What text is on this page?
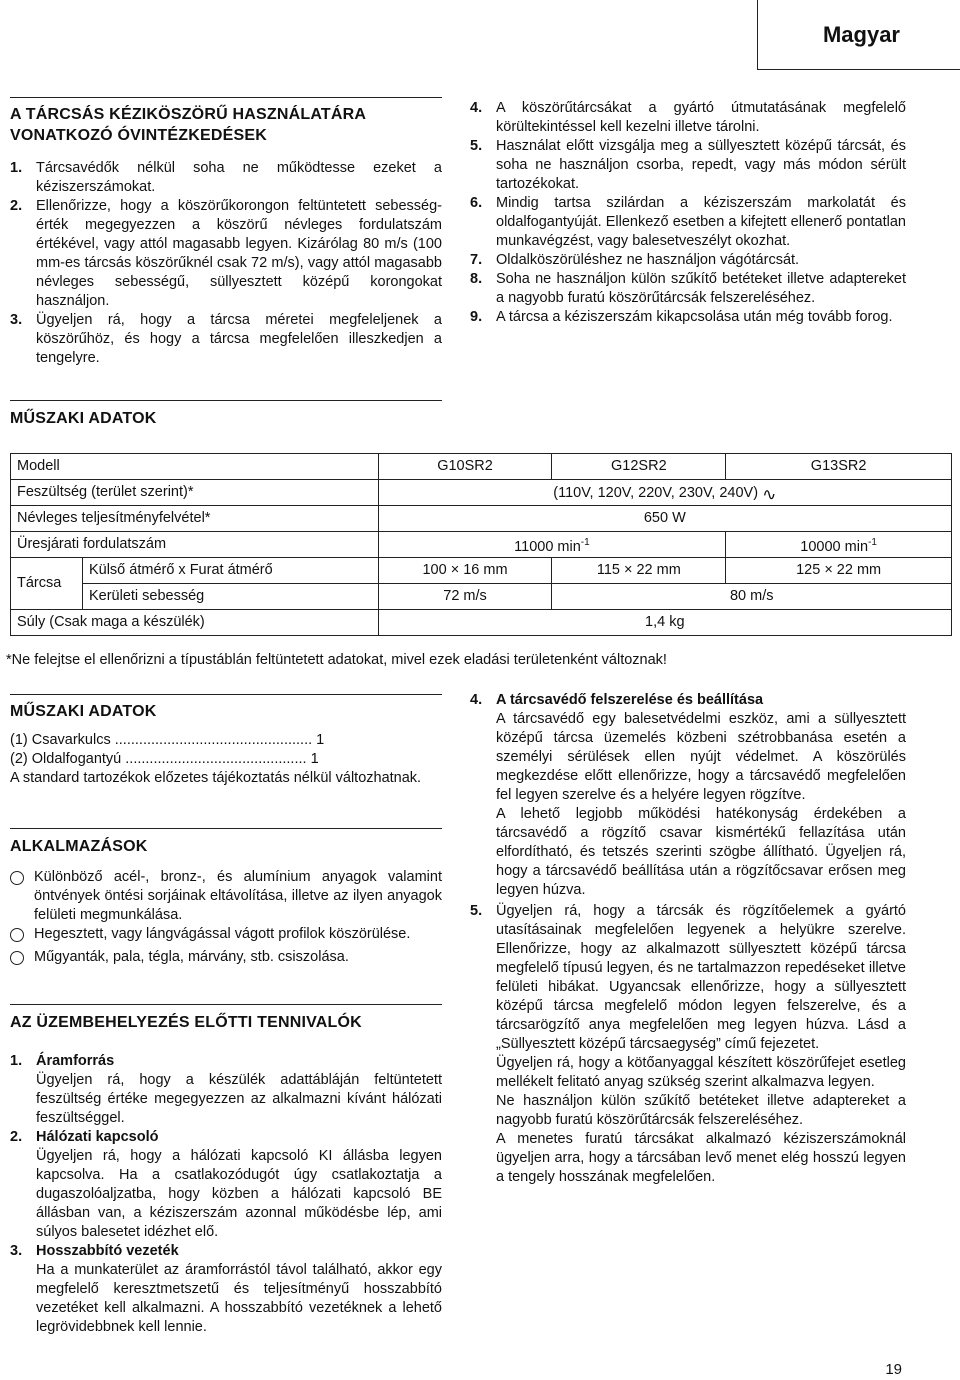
Magyar
A TÁRCSÁS KÉZIKÖSZÖRŰ HASZNÁLATÁRA
VONATKOZÓ ÓVINTÉZKEDÉSEK
1. Tárcsavédők nélkül soha ne működtesse ezeket a kéziszerszámokat.
2. Ellenőrizze, hogy a köszörűkorongon feltüntetett sebesség-érték megegyezzen a köszörű névleges fordulatszám értékével, vagy attól magasabb legyen. Kizárólag 80 m/s (100 mm-es tárcsás köszörűknél csak 72 m/s), vagy attól magasabb névleges sebességű, süllyesztett középű korongokat használjon.
3. Ügyeljen rá, hogy a tárcsa méretei megfeleljenek a köszörűhöz, és hogy a tárcsa megfelelően illeszkedjen a tengelyre.
4. A köszörűtárcsákat a gyártó útmutatásának megfelelő körültekintéssel kell kezelni illetve tárolni.
5. Használat előtt vizsgálja meg a süllyesztett középű tárcsát, és soha ne használjon csorba, repedt, vagy más módon sérült tartozékokat.
6. Mindig tartsa szilárdan a kéziszerszám markolatát és oldalfogantyúját. Ellenkező esetben a kifejtett ellenerő pontatlan munkavégzést, vagy balesetveszélyt okozhat.
7. Oldalköszörüléshez ne használjon vágótárcsát.
8. Soha ne használjon külön szűkítő betéteket illetve adaptereket a nagyobb furatú köszörűtárcsák felszereléséhez.
9. A tárcsa a kéziszerszám kikapcsolása után még tovább forog.
MŰSZAKI ADATOK
Modell		G10SR2	G12SR2	G13SR2
Feszültség (terület szerint)*		(110V, 120V, 220V, 230V, 240V) ∿		
Névleges teljesítményfelvétel*		650 W		
Üresjárati fordulatszám		11000 $\min^{-1}$		10000 $\min^{-1}$
Tárcsa	Külső átmérő x Furat átmérő	100 × 16 mm	115 × 22 mm	125 × 22 mm
	Kerületi sebesség	72 m/s	80 m/s	
Súly (Csak maga a készülék)		1,4 kg		
*Ne felejtse el ellenőrizni a típustáblán feltüntetett adatokat, mivel ezek eladási területenként változnak!
MŰSZAKI ADATOK
(1) Csavarkulcs ................................................. 1
(2) Oldalfogantyú ............................................. 1

A standard tartozékok előzetes tájékoztatás nélkül változhatnak.

ALKALMAZÁSOK
Különböző acél-, bronz-, és alumínium anyagok valamint öntvények öntési sorjáinak eltávolítása, illetve az ilyen anyagok felületi megmunkálása.
Hegesztett, vagy lángvágással vágott profilok köszörülése.
Műgyanták, pala, tégla, márvány, stb. csiszolása.
AZ ÜZEMBEHELYEZÉS ELŐTTI TENNIVALÓK
1. Áramforrás
Ügyeljen rá, hogy a készülék adattábláján feltüntetett feszültség értéke megegyezzen az alkalmazni kívánt hálózati feszültséggel.
2. Hálózati kapcsoló
Ügyeljen rá, hogy a hálózati kapcsoló KI állásba legyen kapcsolva. Ha a csatlakozódugót úgy csatlakoztatja a dugaszolóaljzatba, hogy közben a hálózati kapcsoló BE állásban van, a kéziszerszám azonnal működésbe lép, ami súlyos balesetet idézhet elő.
3. Hosszabbító vezeték
Ha a munkaterület az áramforrástól távol található, akkor egy megfelelő keresztmetszetű és teljesítményű hosszabbító vezetéket kell alkalmazni. A hosszabbító vezetéknek a lehető legrövidebbnek kell lennie.
4. A tárcsavédő felszerelése és beállítása
A tárcsavédő egy balesetvédelmi eszköz, ami a süllyesztett középű tárcsa üzemelés közbeni szétrobbanása esetén a személyi sérülések ellen nyújt védelmet. A köszörülés megkezdése előtt ellenőrizze, hogy a tárcsavédő megfelelően fel legyen szerelve és a helyére legyen rögzítve.
A lehető legjobb működési hatékonyság érdekében a tárcsavédő a rögzítő csavar kismértékű fellazítása után elfordítható, és tetszés szerinti szögbe állítható. Ügyeljen rá, hogy a tárcsavédő beállítása után a rögzítőcsavar erősen meg legyen húzva.
5. Ügyeljen rá, hogy a tárcsák és rögzítőelemek a gyártó utasításainak megfelelően legyenek a helyükre szerelve. Ellenőrizze, hogy az alkalmazott süllyesztett középű tárcsa megfelelő típusú legyen, és ne tartalmazzon repedéseket illetve felületi hibákat. Ugyancsak ellenőrizze, hogy a süllyesztett középű tárcsa megfelelő módon legyen felszerelve, és a tárcsarögzítő anya megfelelően meg legyen húzva. Lásd a „Süllyesztett középű tárcsaegység” című fejezetet.
Ügyeljen rá, hogy a kötőanyaggal készített köszörűfejet esetleg mellékelt felitató anyag szükség szerint alkalmazva legyen.
Ne használjon külön szűkítő betéteket illetve adaptereket a nagyobb furatú köszörűtárcsák felszereléséhez.
A menetes furatú tárcsákat alkalmazó kéziszerszámoknál ügyeljen arra, hogy a tárcsában levő menet elég hosszú legyen a tengely hosszának megfelelően.
19
